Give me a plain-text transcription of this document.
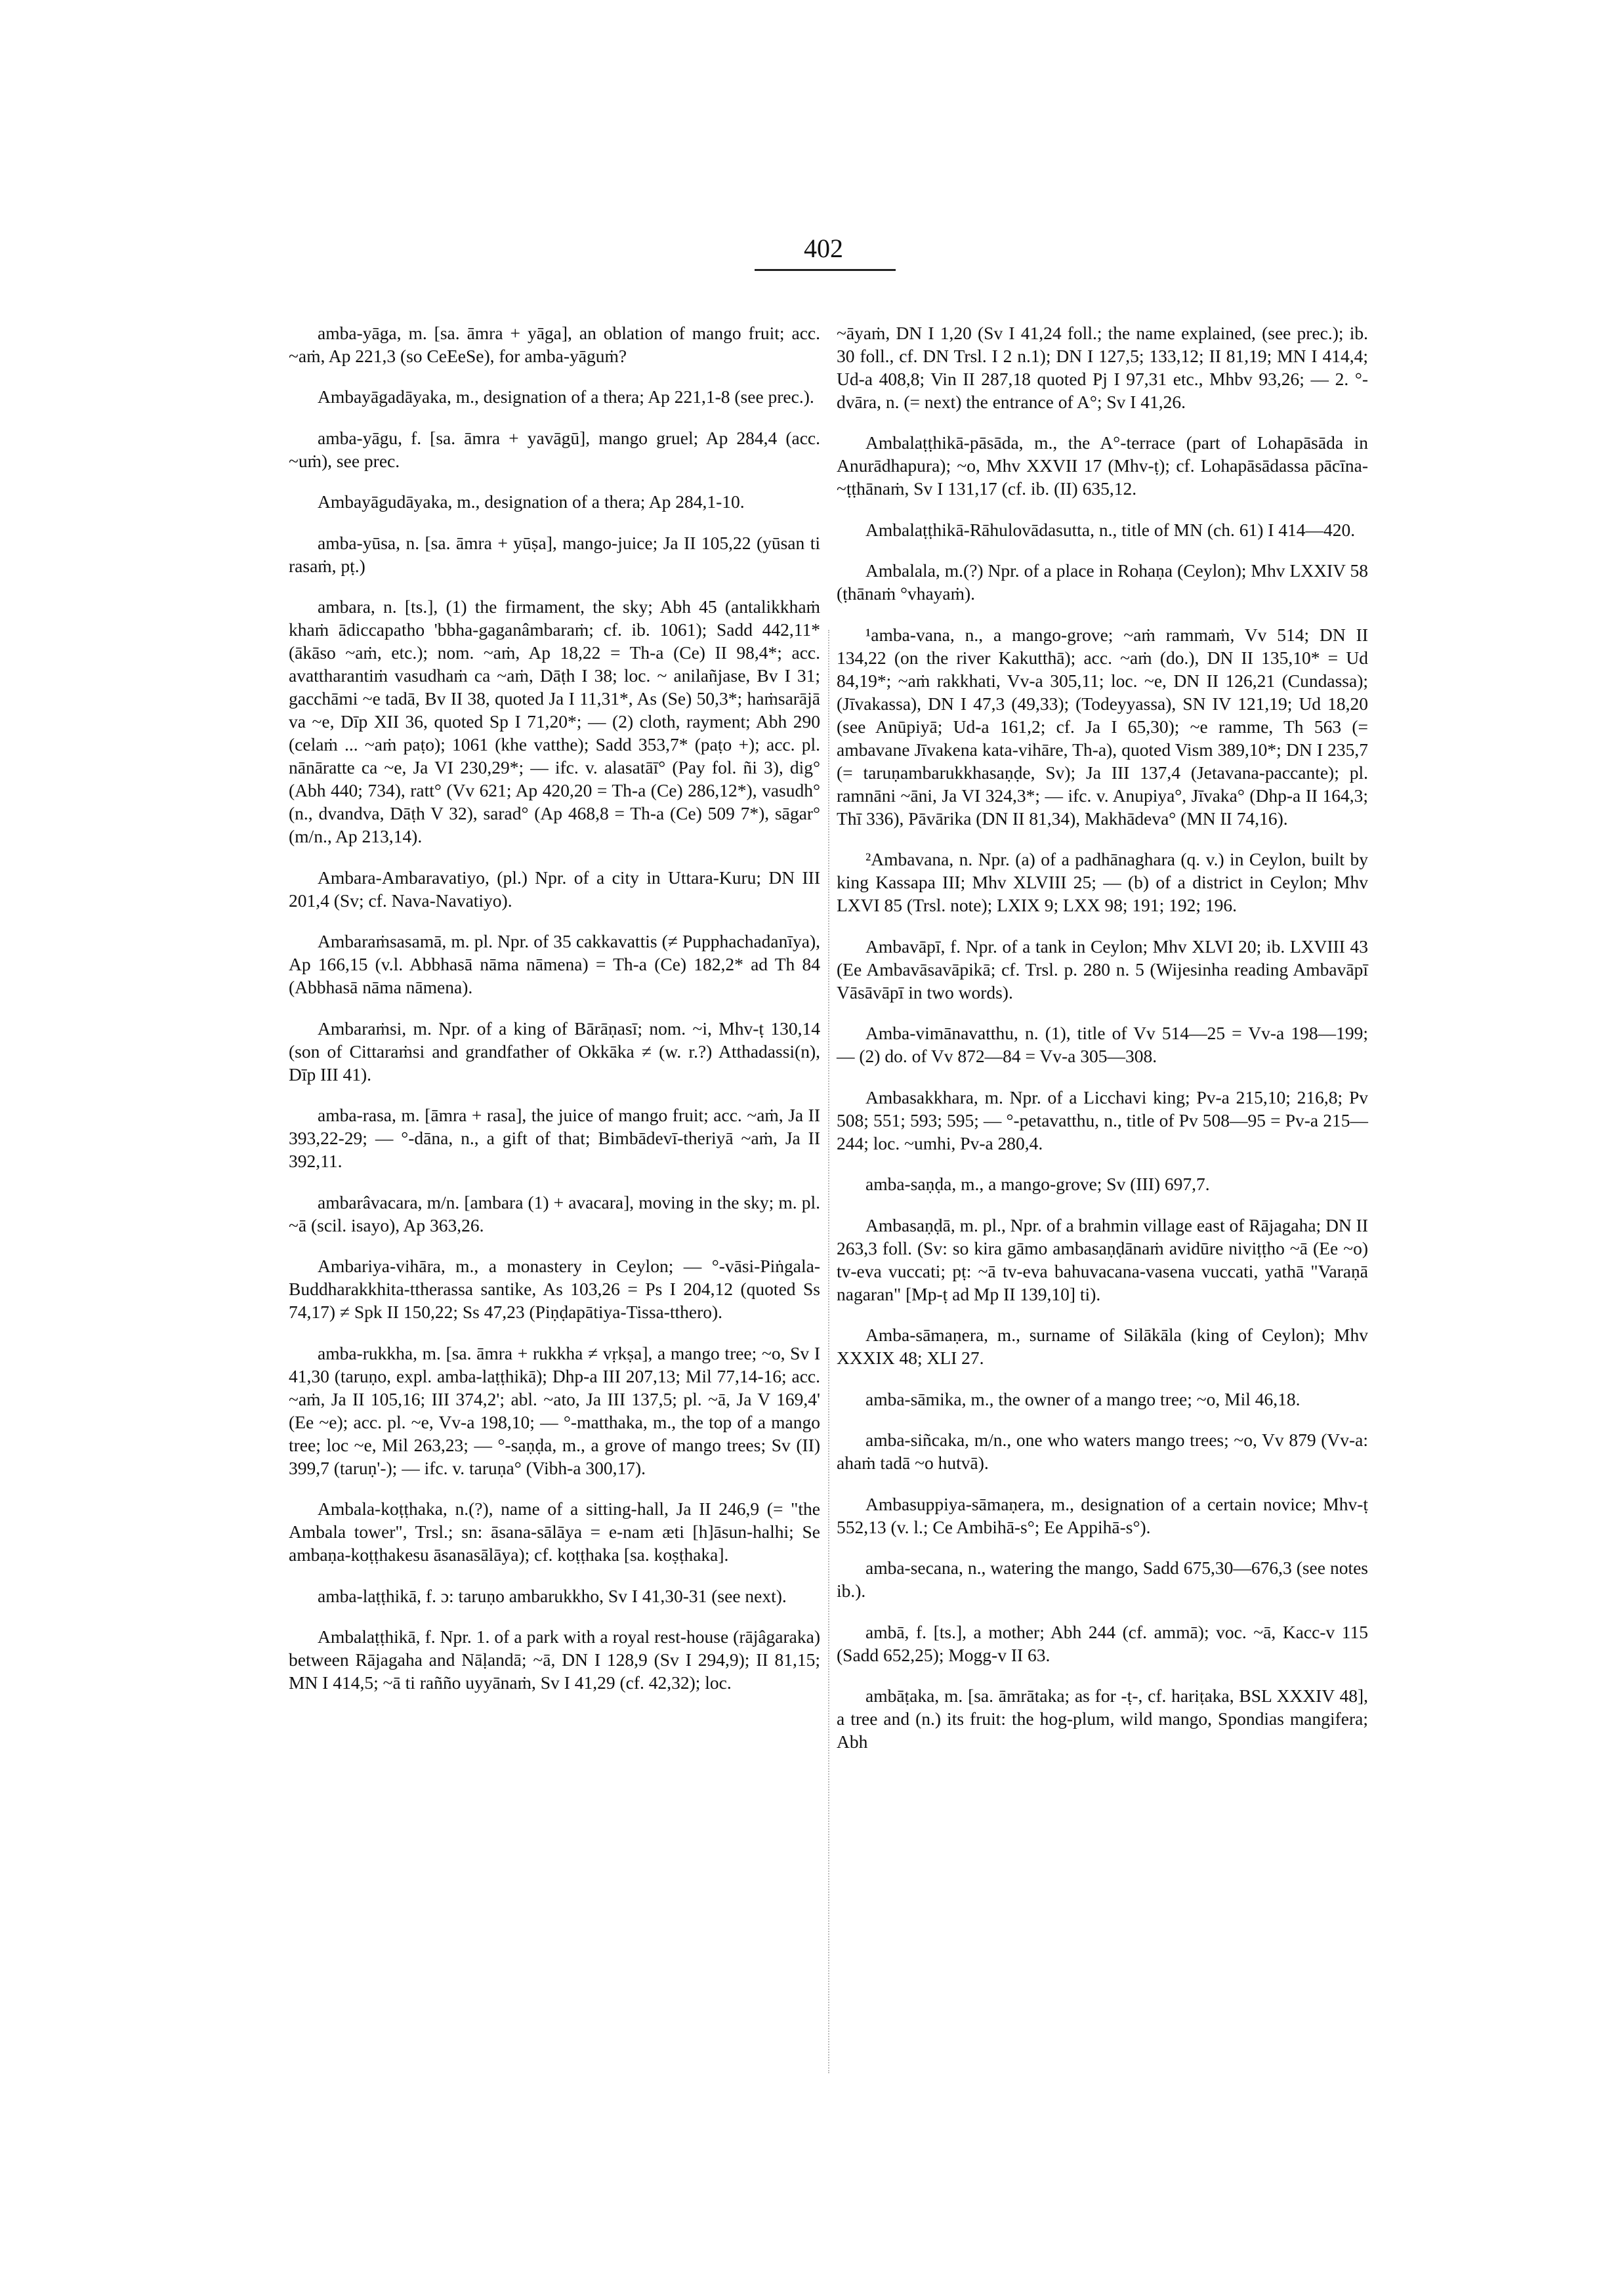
402

amba-yāga, m. [sa. āmra + yāga], an oblation of mango fruit; acc. ~aṁ, Ap 221,3 (so CeEeSe), for amba-yāguṁ?

Ambayāgadāyaka, m., designation of a thera; Ap 221,1-8 (see prec.).

amba-yāgu, f. [sa. āmra + yavāgū], mango gruel; Ap 284,4 (acc. ~uṁ), see prec.

Ambayāgudāyaka, m., designation of a thera; Ap 284,1-10.

amba-yūsa, n. [sa. āmra + yūṣa], mango-juice; Ja II 105,22 (yūsan ti rasaṁ, pṭ.)

ambara, n. [ts.], (1) the firmament, the sky; Abh 45 (antalikkhaṁ khaṁ ādiccapatho 'bbha-gaganâmbaraṁ; cf. ib. 1061); Sadd 442,11* (ākāso ~aṁ, etc.); nom. ~aṁ, Ap 18,22 = Th-a (Ce) II 98,4*; acc. avattharantiṁ vasudhaṁ ca ~aṁ, Dāṭh I 38; loc. ~ anilañjase, Bv I 31; gacchāmi ~e tadā, Bv II 38, quoted Ja I 11,31*, As (Se) 50,3*; haṁsarājā va ~e, Dīp XII 36, quoted Sp I 71,20*; — (2) cloth, rayment; Abh 290 (celaṁ ... ~aṁ paṭo); 1061 (khe vatthe); Sadd 353,7* (paṭo +); acc. pl. nānāratte ca ~e, Ja VI 230,29*; — ifc. v. alasatāī° (Pay fol. ñi 3), dig° (Abh 440; 734), ratt° (Vv 621; Ap 420,20 = Th-a (Ce) 286,12*), vasudh° (n., dvandva, Dāṭh V 32), sarad° (Ap 468,8 = Th-a (Ce) 509 7*), sāgar° (m/n., Ap 213,14).

Ambara-Ambaravatiyo, (pl.) Npr. of a city in Uttara-Kuru; DN III 201,4 (Sv; cf. Nava-Navatiyo).

Ambaraṁsasamā, m. pl. Npr. of 35 cakkavattis (≠ Pupphachadanīya), Ap 166,15 (v.l. Abbhasā nāma nāmena) = Th-a (Ce) 182,2* ad Th 84 (Abbhasā nāma nāmena).

Ambaraṁsi, m. Npr. of a king of Bārāṇasī; nom. ~i, Mhv-ṭ 130,14 (son of Cittaraṁsi and grandfather of Okkāka ≠ (w. r.?) Atthadassi(n), Dīp III 41).

amba-rasa, m. [āmra + rasa], the juice of mango fruit; acc. ~aṁ, Ja II 393,22-29; — °-dāna, n., a gift of that; Bimbādevī-theriyā ~aṁ, Ja II 392,11.

ambarâvacara, m/n. [ambara (1) + avacara], moving in the sky; m. pl. ~ā (scil. isayo), Ap 363,26.

Ambariya-vihāra, m., a monastery in Ceylon; — °-vāsi-Piṅgala-Buddharakkhita-ttherassa santike, As 103,26 = Ps I 204,12 (quoted Ss 74,17) ≠ Spk II 150,22; Ss 47,23 (Piṇḍapātiya-Tissa-tthero).

amba-rukkha, m. [sa. āmra + rukkha ≠ vṛkṣa], a mango tree; ~o, Sv I 41,30 (taruṇo, expl. amba-laṭṭhikā); Dhp-a III 207,13; Mil 77,14-16; acc. ~aṁ, Ja II 105,16; III 374,2'; abl. ~ato, Ja III 137,5; pl. ~ā, Ja V 169,4' (Ee ~e); acc. pl. ~e, Vv-a 198,10; — °-matthaka, m., the top of a mango tree; loc ~e, Mil 263,23; — °-saṇḍa, m., a grove of mango trees; Sv (II) 399,7 (taruṇ'-); — ifc. v. taruṇa° (Vibh-a 300,17).

Ambala-koṭṭhaka, n.(?), name of a sitting-hall, Ja II 246,9 (= "the Ambala tower", Trsl.; sn: āsana-sālāya = e-nam æti [h]āsun-halhi; Se ambaṇa-koṭṭhakesu āsanasālāya); cf. koṭṭhaka [sa. koṣṭhaka].

amba-laṭṭhikā, f. ɔ: taruṇo ambarukkho, Sv I 41,30-31 (see next).

Ambalaṭṭhikā, f. Npr. 1. of a park with a royal rest-house (rājâgaraka) between Rājagaha and Nāḷandā; ~ā, DN I 128,9 (Sv I 294,9); II 81,15; MN I 414,5; ~ā ti rañño uyyānaṁ, Sv I 41,29 (cf. 42,32); loc.

~āyaṁ, DN I 1,20 (Sv I 41,24 foll.; the name explained, (see prec.); ib. 30 foll., cf. DN Trsl. I 2 n.1); DN I 127,5; 133,12; II 81,19; MN I 414,4; Ud-a 408,8; Vin II 287,18 quoted Pj I 97,31 etc., Mhbv 93,26; — 2. °-dvāra, n. (= next) the entrance of A°; Sv I 41,26.

Ambalaṭṭhikā-pāsāda, m., the A°-terrace (part of Lohapāsāda in Anurādhapura); ~o, Mhv XXVII 17 (Mhv-ṭ); cf. Lohapāsādassa pācīna- ~ṭṭhānaṁ, Sv I 131,17 (cf. ib. (II) 635,12.

Ambalaṭṭhikā-Rāhulovādasutta, n., title of MN (ch. 61) I 414—420.

Ambalala, m.(?) Npr. of a place in Rohaṇa (Ceylon); Mhv LXXIV 58 (ṭhānaṁ °vhayaṁ).

¹amba-vana, n., a mango-grove; ~aṁ rammaṁ, Vv 514; DN II 134,22 (on the river Kakutthā); acc. ~aṁ (do.), DN II 135,10* = Ud 84,19*; ~aṁ rakkhati, Vv-a 305,11; loc. ~e, DN II 126,21 (Cundassa); (Jīvakassa), DN I 47,3 (49,33); (Todeyyassa), SN IV 121,19; Ud 18,20 (see Anūpiyā; Ud-a 161,2; cf. Ja I 65,30); ~e ramme, Th 563 (= ambavane Jīvakena kata-vihāre, Th-a), quoted Vism 389,10*; DN I 235,7 (= taruṇambarukkhasaṇḍe, Sv); Ja III 137,4 (Jetavana-paccante); pl. ramnāni ~āni, Ja VI 324,3*; — ifc. v. Anupiya°, Jīvaka° (Dhp-a II 164,3; Thī 336), Pāvārika (DN II 81,34), Makhādeva° (MN II 74,16).

²Ambavana, n. Npr. (a) of a padhānaghara (q. v.) in Ceylon, built by king Kassapa III; Mhv XLVIII 25; — (b) of a district in Ceylon; Mhv LXVI 85 (Trsl. note); LXIX 9; LXX 98; 191; 192; 196.

Ambavāpī, f. Npr. of a tank in Ceylon; Mhv XLVI 20; ib. LXVIII 43 (Ee Ambavāsavāpikā; cf. Trsl. p. 280 n. 5 (Wijesinha reading Ambavāpī Vāsāvāpī in two words).

Amba-vimānavatthu, n. (1), title of Vv 514—25 = Vv-a 198—199; — (2) do. of Vv 872—84 = Vv-a 305—308.

Ambasakkhara, m. Npr. of a Licchavi king; Pv-a 215,10; 216,8; Pv 508; 551; 593; 595; — °-petavatthu, n., title of Pv 508—95 = Pv-a 215—244; loc. ~umhi, Pv-a 280,4.

amba-saṇḍa, m., a mango-grove; Sv (III) 697,7.

Ambasaṇḍā, m. pl., Npr. of a brahmin village east of Rājagaha; DN II 263,3 foll. (Sv: so kira gāmo ambasaṇḍānaṁ avidūre niviṭṭho ~ā (Ee ~o) tv-eva vuccati; pṭ: ~ā tv-eva bahuvacana-vasena vuccati, yathā "Varaṇā nagaran" [Mp-ṭ ad Mp II 139,10] ti).

Amba-sāmaṇera, m., surname of Silākāla (king of Ceylon); Mhv XXXIX 48; XLI 27.

amba-sāmika, m., the owner of a mango tree; ~o, Mil 46,18.

amba-siñcaka, m/n., one who waters mango trees; ~o, Vv 879 (Vv-a: ahaṁ tadā ~o hutvā).

Ambasuppiya-sāmaṇera, m., designation of a certain novice; Mhv-ṭ 552,13 (v. l.; Ce Ambihā-s°; Ee Appihā-s°).

amba-secana, n., watering the mango, Sadd 675,30—676,3 (see notes ib.).

ambā, f. [ts.], a mother; Abh 244 (cf. ammā); voc. ~ā, Kacc-v 115 (Sadd 652,25); Mogg-v II 63.

ambāṭaka, m. [sa. āmrātaka; as for -ṭ-, cf. hariṭaka, BSL XXXIV 48], a tree and (n.) its fruit: the hog-plum, wild mango, Spondias mangifera; Abh
